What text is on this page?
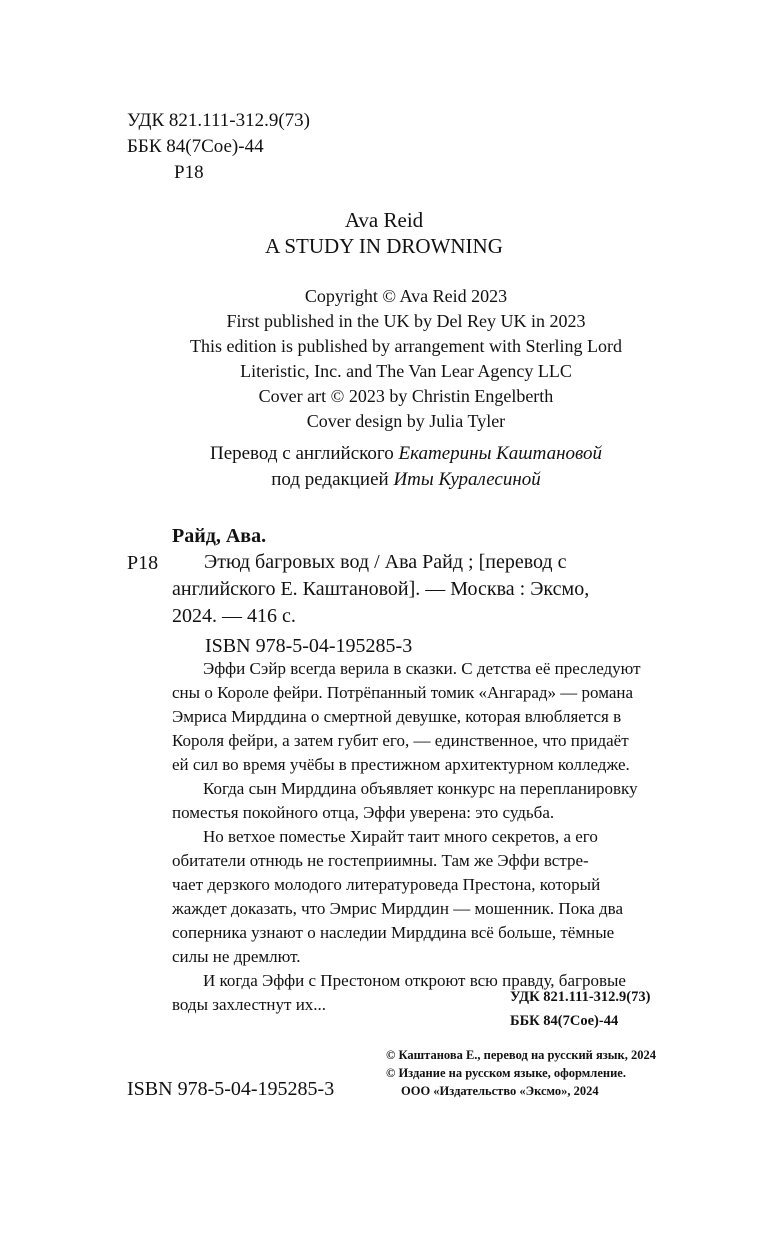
УДК 821.111-312.9(73)
ББК 84(7Сое)-44
Р18

Ava Reid

A STUDY IN DROWNING

Copyright © Ava Reid 2023
First published in the UK by Del Rey UK in 2023
This edition is published by arrangement with Sterling Lord
Literistic, Inc. and The Van Lear Agency LLC
Cover art © 2023 by Christin Engelberth
Cover design by Julia Tyler
Перевод с английского Екатерины Каштановой
под редакцией Иты Куралесиной

Райд, Ава.

Р18	Этюд багровых вод / Ава Райд ; [перевод с
английского Е. Каштановой]. — Москва : Эксмо,
2024. — 416 с.

ISBN 978-5-04-195285-3

Эффи Сэйр всегда верила в сказки. С детства её преследуют
сны о Короле фейри. Потрёпанный томик «Ангарад» — романа
Эмриса Мирддина о смертной девушке, которая влюбляется в
Короля фейри, а затем губит его, — единственное, что придаёт
ей сил во время учёбы в престижном архитектурном колледже.
Когда сын Мирддина объявляет конкурс на перепланировку
поместья покойного отца, Эффи уверена: это судьба.
Но ветхое поместье Хирайт таит много секретов, а его
обитатели отнюдь не гостеприимны. Там же Эффи встре-
чает дерзкого молодого литературоведа Престона, который
жаждет доказать, что Эмрис Мирддин — мошенник. Пока два
соперника узнают о наследии Мирддина всё больше, тёмные
силы не дремлют.
И когда Эффи с Престоном откроют всю правду, багровые
воды захлестнут их...	УДК 821.111-312.9(73)
ББК 84(7Сое)-44
© Каштанова Е., перевод на русский язык, 2024
© Издание на русском языке, оформление.
ООО «Издательство «Эксмо», 2024

ISBN 978-5-04-195285-3
